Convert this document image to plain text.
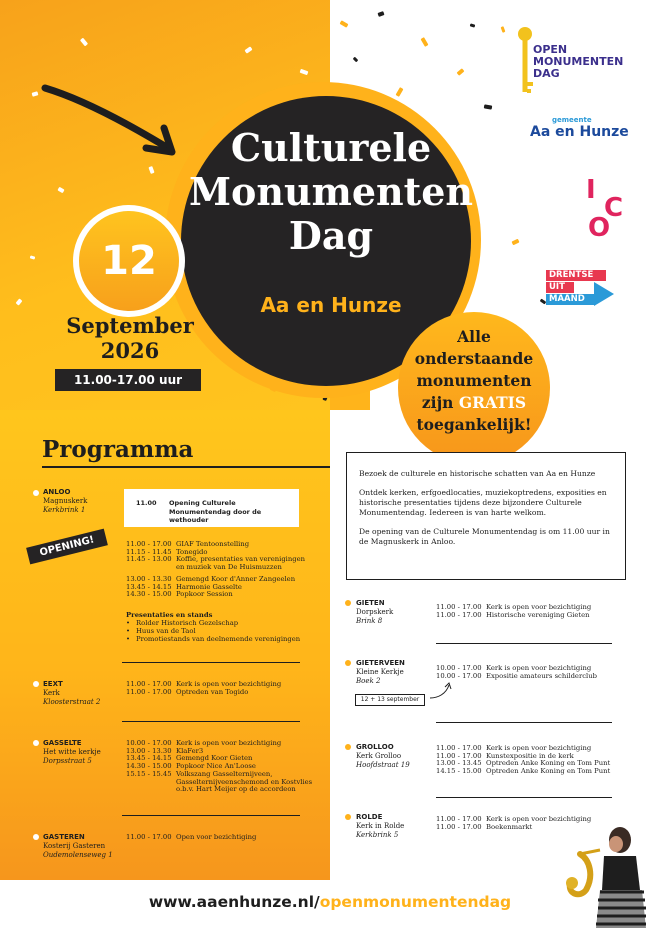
Culturele
Monumenten
Dag
Aa en Hunze
12
September
2026
11.00-17.00 uur
Alle
onderstaande
monumenten
zijn GRATIS
toegankelijk!
OPEN
MONUMENTEN
DAG
gemeente
Aa en Hunze
I
O
C
DRENTSE
UIT
MAAND
Programma

Bezoek de culturele en historische schatten van Aa en Hunze

Ontdek kerken, erfgoedlocaties, muziekoptredens, exposities en historische presentaties tijdens deze bijzondere Culturele Monumentendag. Iedereen is van harte welkom.

De opening van de Culturele Monumentendag is om 11.00 uur in de Magnuskerk in Anloo.

ANLOO
Magnuskerk
Kerkbrink 1
11.00 Opening Culturele Monumentendag door de wethouder
OPENING!	11.00 - 17.00 GIAF Tentoonstelling
11.15 - 11.45 Tonegido
11.45 - 13.00 Koffie, presentaties van verenigingen
en muziek van De Huismuzzen
13.00 - 13.30 Gemengd Koor d'Anner Zangeelen
13.45 - 14.15 Harmonie Gasselte
14.30 - 15.00 Popkoor Session
Presentaties en stands
• Rolder Historisch Gezelschap
• Huus van de Taol
• Promotiestands van deelnemende verenigingen
EEXT
Kerk
Kloosterstraat 2
11.00 - 17.00 Kerk is open voor bezichtiging
11.00 - 17.00 Optreden van Togido
GASSELTE
Het witte kerkje
Dorpsstraat 5
10.00 - 17.00 Kerk is open voor bezichtiging
13.00 - 13.30 KlaFer3
13.45 - 14.15 Gemengd Koor Gieten
14.30 - 15.00 Popkoor Nice An'Loose
15.15 - 15.45 Volkszang Gasselternijveen,
Gasselternijveenschemond en Kostvlies
o.b.v. Hart Meijer op de accordeon
GASTEREN
Kosterij Gasteren
Oudemolenseweg 1
11.00 - 17.00 Open voor bezichtiging
GIETEN
Dorpskerk
Brink 8
11.00 - 17.00 Kerk is open voor bezichtiging
11.00 - 17.00 Historische vereniging Gieten
GIETERVEEN
Kleine Kerkje
Boek 2
10.00 - 17.00 Kerk is open voor bezichtiging
10.00 - 17.00 Expositie amateurs schilderclub
12 + 13 september
GROLLOO
Kerk Grolloo
Hoofdstraat 19
11.00 - 17.00 Kerk is open voor bezichtiging
11.00 - 17.00 Kunstexpositie in de kerk
13.00 - 13.45 Optreden Anke Koning en Tom Punt
14.15 - 15.00 Optreden Anke Koning en Tom Punt
ROLDE
Kerk in Rolde
Kerkbrink 5
11.00 - 17.00 Kerk is open voor bezichtiging
11.00 - 17.00 Boekenmarkt
www.aaenhunze.nl/openmonumentendag
